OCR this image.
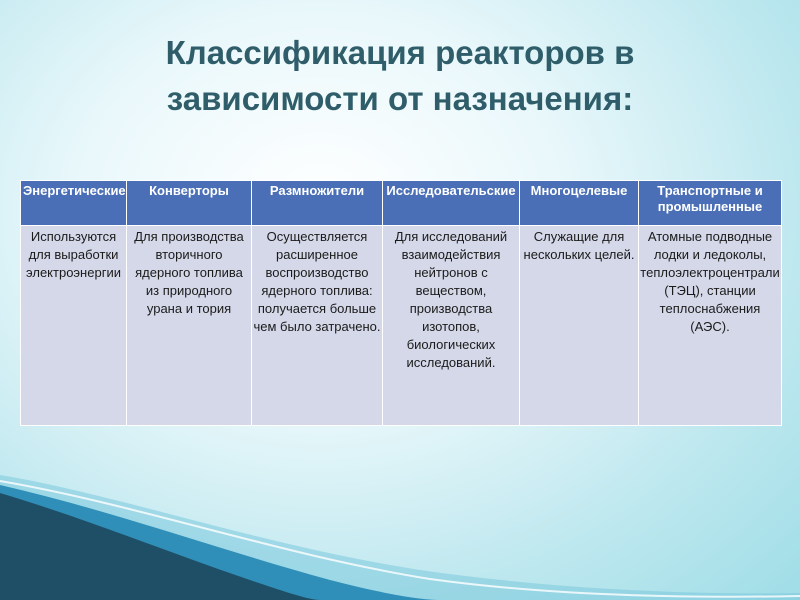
Классификация реакторов в
зависимости от назначения:
Энергетические	Конверторы	Размножители	Исследовательские	Многоцелевые	Транспортные и промышленные
Используются для выработки электроэнергии	Для производства вторичного ядерного топлива из природного урана и тория	Осуществляется расширенное воспроизводство ядерного топлива: получается больше чем было затрачено.	Для исследований взаимодействия нейтронов с веществом, производства изотопов, биологических исследований.	Служащие для нескольких целей.	Атомные подводные лодки и ледоколы, теплоэлектроцентрали (ТЭЦ), станции теплоснабжения (АЭС).
